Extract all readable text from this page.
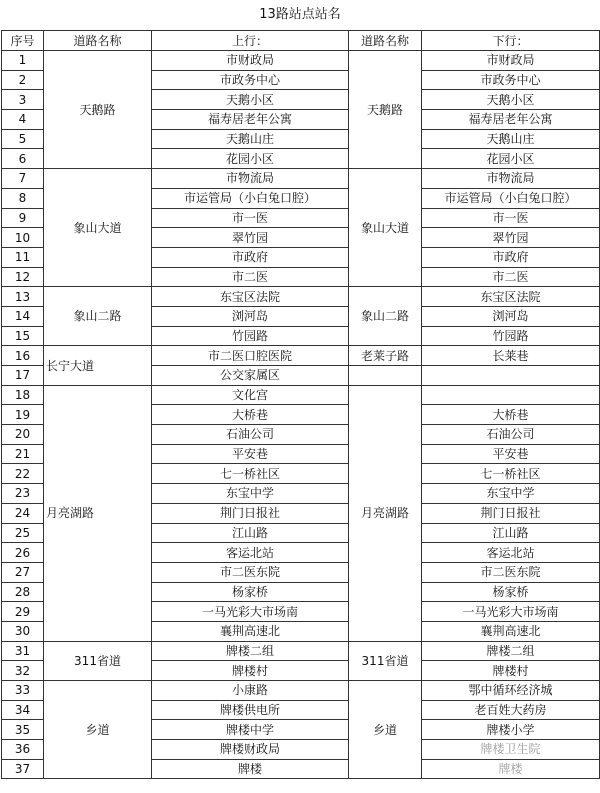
13路站点站名
序号	道路名称	上行：	道路名称	下行：
1	天鹅路	市财政局	天鹅路	市财政局
2		市政务中心		市政务中心
3		天鹅小区		天鹅小区
4		福寿居老年公寓		福寿居老年公寓
5		天鹅山庄		天鹅山庄
6		花园小区		花园小区
7	象山大道	市物流局	象山大道	市物流局
8		市运管局（小白兔口腔）		市运管局（小白兔口腔）
9		市一医		市一医
10		翠竹园		翠竹园
11		市政府		市政府
12		市二医		市二医
13	象山二路	东宝区法院	象山二路	东宝区法院
14		浏河岛		浏河岛
15		竹园路		竹园路
16	长宁大道	市二医口腔医院	老莱子路	长莱巷
17		公交家属区		
18	月亮湖路	文化宫	月亮湖路	
19		大桥巷		大桥巷
20		石油公司		石油公司
21		平安巷		平安巷
22		七一桥社区		七一桥社区
23		东宝中学		东宝中学
24		荆门日报社		荆门日报社
25		江山路		江山路
26		客运北站		客运北站
27		市二医东院		市二医东院
28		杨家桥		杨家桥
29		一马光彩大市场南		一马光彩大市场南
30		襄荆高速北		襄荆高速北
31	311省道	牌楼二组	311省道	牌楼二组
32		牌楼村		牌楼村
33	乡道	小康路	乡道	鄂中循环经济城
34		牌楼供电所		老百姓大药房
35		牌楼中学		牌楼小学
36		牌楼财政局		牌楼卫生院
37		牌楼		牌楼
